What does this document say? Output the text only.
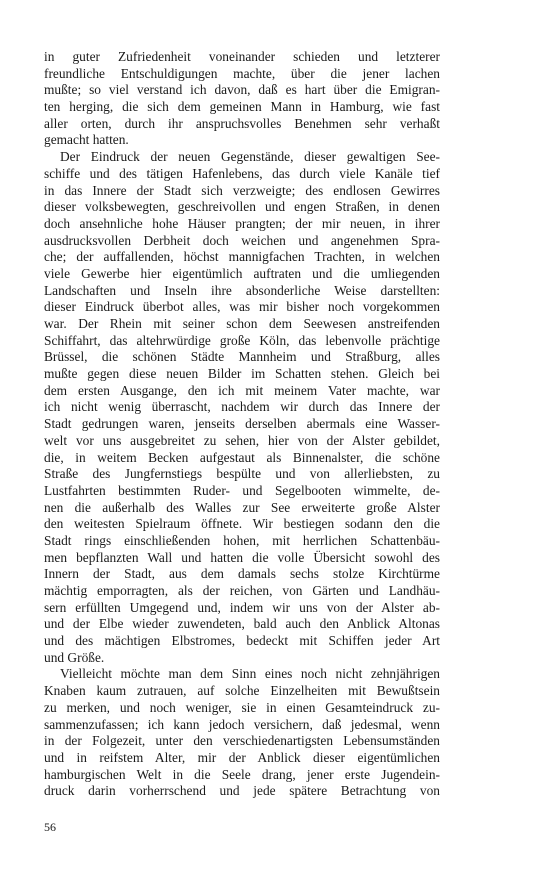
in guter Zufriedenheit voneinander schieden und letzterer
freundliche Entschuldigungen machte, über die jener lachen
mußte; so viel verstand ich davon, daß es hart über die Emigran-
ten herging, die sich dem gemeinen Mann in Hamburg, wie fast
aller orten, durch ihr anspruchsvolles Benehmen sehr verhaßt
gemacht hatten.
Der Eindruck der neuen Gegenstände, dieser gewaltigen See-
schiffe und des tätigen Hafenlebens, das durch viele Kanäle tief
in das Innere der Stadt sich verzweigte; des endlosen Gewirres
dieser volksbewegten, geschreivollen und engen Straßen, in denen
doch ansehnliche hohe Häuser prangten; der mir neuen, in ihrer
ausdrucksvollen Derbheit doch weichen und angenehmen Spra-
che; der auffallenden, höchst mannigfachen Trachten, in welchen
viele Gewerbe hier eigentümlich auftraten und die umliegenden
Landschaften und Inseln ihre absonderliche Weise darstellten:
dieser Eindruck überbot alles, was mir bisher noch vorgekommen
war. Der Rhein mit seiner schon dem Seewesen anstreifenden
Schiffahrt, das altehrwürdige große Köln, das lebenvolle prächtige
Brüssel, die schönen Städte Mannheim und Straßburg, alles
mußte gegen diese neuen Bilder im Schatten stehen. Gleich bei
dem ersten Ausgange, den ich mit meinem Vater machte, war
ich nicht wenig überrascht, nachdem wir durch das Innere der
Stadt gedrungen waren, jenseits derselben abermals eine Wasser-
welt vor uns ausgebreitet zu sehen, hier von der Alster gebildet,
die, in weitem Becken aufgestaut als Binnenalster, die schöne
Straße des Jungfernstiegs bespülte und von allerliebsten, zu
Lustfahrten bestimmten Ruder- und Segelbooten wimmelte, de-
nen die außerhalb des Walles zur See erweiterte große Alster
den weitesten Spielraum öffnete. Wir bestiegen sodann den die
Stadt rings einschließenden hohen, mit herrlichen Schattenbäu-
men bepflanzten Wall und hatten die volle Übersicht sowohl des
Innern der Stadt, aus dem damals sechs stolze Kirchtürme
mächtig emporragten, als der reichen, von Gärten und Landhäu-
sern erfüllten Umgegend und, indem wir uns von der Alster ab-
und der Elbe wieder zuwendeten, bald auch den Anblick Altonas
und des mächtigen Elbstromes, bedeckt mit Schiffen jeder Art
und Größe.
Vielleicht möchte man dem Sinn eines noch nicht zehnjährigen
Knaben kaum zutrauen, auf solche Einzelheiten mit Bewußtsein
zu merken, und noch weniger, sie in einen Gesamteindruck zu-
sammenzufassen; ich kann jedoch versichern, daß jedesmal, wenn
in der Folgezeit, unter den verschiedenartigsten Lebensumständen
und in reifstem Alter, mir der Anblick dieser eigentümlichen
hamburgischen Welt in die Seele drang, jener erste Jugendein-
druck darin vorherrschend und jede spätere Betrachtung von
56
